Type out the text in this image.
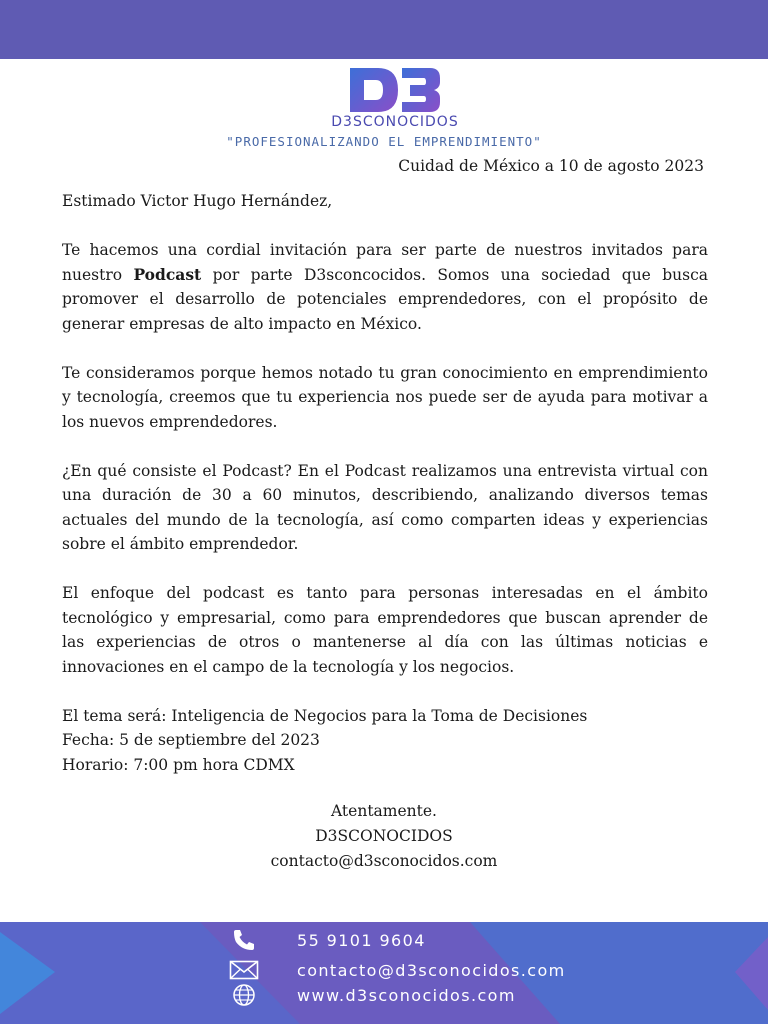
D3SCONOCIDOS
"PROFESIONALIZANDO EL EMPRENDIMIENTO"
Cuidad de México a 10 de agosto 2023

Estimado Victor Hugo Hernández,

Te hacemos una cordial invitación para ser parte de nuestros invitados para nuestro Podcast por parte D3sconcocidos. Somos una sociedad que busca promover el desarrollo de potenciales emprendedores, con el propósito de generar empresas de alto impacto en México.

Te consideramos porque hemos notado tu gran conocimiento en emprendimiento y tecnología, creemos que tu experiencia nos puede ser de ayuda para motivar a los nuevos emprendedores.

¿En qué consiste el Podcast? En el Podcast realizamos una entrevista virtual con una duración de 30 a 60 minutos, describiendo, analizando diversos temas actuales del mundo de la tecnología, así como comparten ideas y experiencias sobre el ámbito emprendedor.

El enfoque del podcast es tanto para personas interesadas en el ámbito tecnológico y empresarial, como para emprendedores que buscan aprender de las experiencias de otros o mantenerse al día con las últimas noticias e innovaciones en el campo de la tecnología y los negocios.

El tema será: Inteligencia de Negocios para la Toma de Decisiones

Fecha: 5 de septiembre del 2023

Horario: 7:00 pm hora CDMX

Atentamente.
D3SCONOCIDOS
contacto@d3sconocidos.com
55 9101 9604
contacto@d3sconocidos.com
www.d3sconocidos.com
